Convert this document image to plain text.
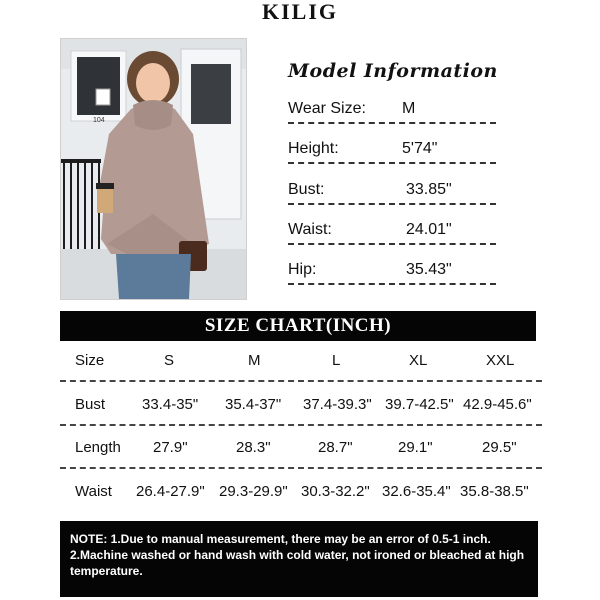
KILIG
104
Model Information
Wear Size: M
Height:	5'74"
Bust:	33.85"
Waist:	24.01"
Hip:	35.43"
SIZE CHART(INCH)
Size	S	M	L	XL	XXL
Bust 33.4-35" 35.4-37" 37.4-39.3" 39.7-42.5" 42.9-45.6"
Length 27.9"	28.3"	28.7"	29.1"	29.5"
Waist 26.4-27.9" 29.3-29.9" 30.3-32.2" 32.6-35.4" 35.8-38.5"
NOTE: 1.Due to manual measurement, there may be an error of 0.5-1 inch.
2.Machine washed or hand wash with cold water, not ironed or bleached at high temperature.
